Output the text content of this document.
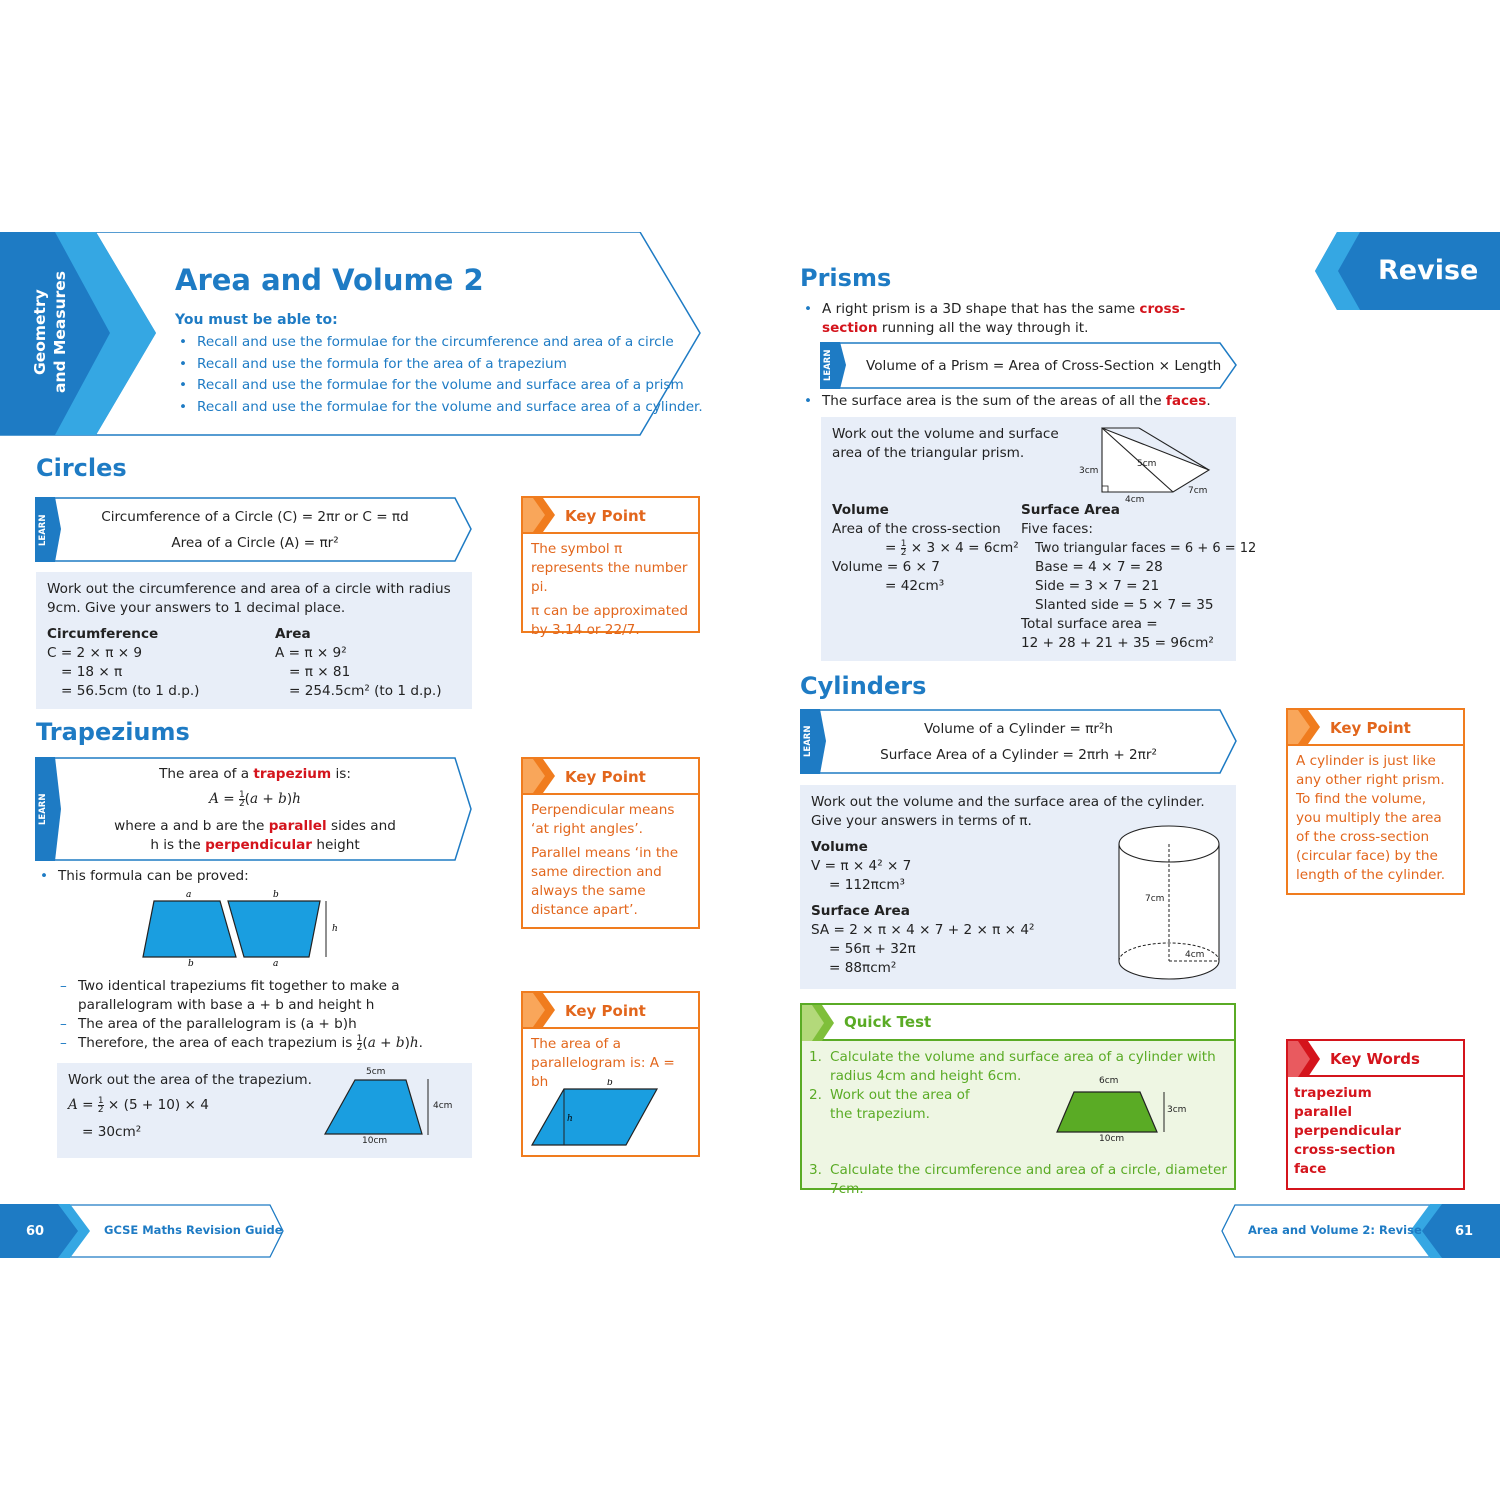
Geometry
and Measures	Area and Volume 2
You must be able to:
• Recall and use the formulae for the circumference and area of a circle
• Recall and use the formula for the area of a trapezium
• Recall and use the formulae for the volume and surface area of a prism
• Recall and use the formulae for the volume and surface area of a cylinder.
Circles
LEARN	Circumference of a Circle (C) = 2πr or C = πd
Area of a Circle (A) = πr²
Work out the circumference and area of a circle with radius 9cm. Give your answers to 1 decimal place.
Circumference
C = 2 × π × 9
= 18 × π
= 56.5cm (to 1 d.p.)
Area
A = π × 9²
= π × 81
= 254.5cm² (to 1 d.p.)
Key Point

The symbol π represents the number pi.

π can be approximated by 3.14 or 22/7.

Trapeziums
LEARN
The area of a trapezium is:
$A = \frac{1}{2} (a + b)h$
where a and b are the parallel sides and
h is the perpendicular height
• This formula can be proved:
a	b
b	a
h
– Two identical trapeziums fit together to make a parallelogram with base a + b and height h
– The area of the parallelogram is (a + b)h
– Therefore, the area of each trapezium is $\frac{1}{2} (a + b)h$.
Work out the area of the trapezium.
$A = \frac{1}{2} \times (5 + 10) \times 4$
= 30cm²
5cm
10cm
4cm
Key Point

Perpendicular means ‘at right angles’.

Parallel means ‘in the same direction and always the same distance apart’.

Key Point

The area of a parallelogram is: A = bh	b
h
Revise
Prisms
• A right prism is a 3D shape that has the same cross-section running all the way through it.
LEARN Volume of a Prism = Area of Cross-Section × Length
• The surface area is the sum of the areas of all the faces.
Work out the volume and surface area of the triangular prism.
3cm
5cm
4cm
7cm
Volume
Area of the cross-section
= $\frac{1}{2} \times 3 \times 4 = 6cm^2$
Volume = 6 × 7
= 42cm³
Surface Area
Five faces:
Two triangular faces = 6 + 6 = 12
Base = 4 × 7 = 28
Side = 3 × 7 = 21
Slanted side = 5 × 7 = 35
Total surface area =
12 + 28 + 21 + 35 = 96cm²
Cylinders
LEARN	Volume of a Cylinder = πr²h
Surface Area of a Cylinder = 2πrh + 2πr²
Work out the volume and the surface area of the cylinder. Give your answers in terms of π.
Volume
V = π × 4² × 7
= 112πcm³
Surface Area
SA = 2 × π × 4 × 7 + 2 × π × 4²
= 56π + 32π
= 88πcm²
7cm
4cm
Key Point

A cylinder is just like any other right prism. To find the volume, you multiply the area of the cross-section (circular face) by the length of the cylinder.

Quick Test
1. Calculate the volume and surface area of a cylinder with radius 4cm and height 6cm.
2. Work out the area of the trapezium.
6cm
10cm
3cm
3. Calculate the circumference and area of a circle, diameter 7cm.
Key Words
trapezium
parallel
perpendicular
cross-section
face
60	GCSE Maths Revision Guide	Area and Volume 2: Revise	61
